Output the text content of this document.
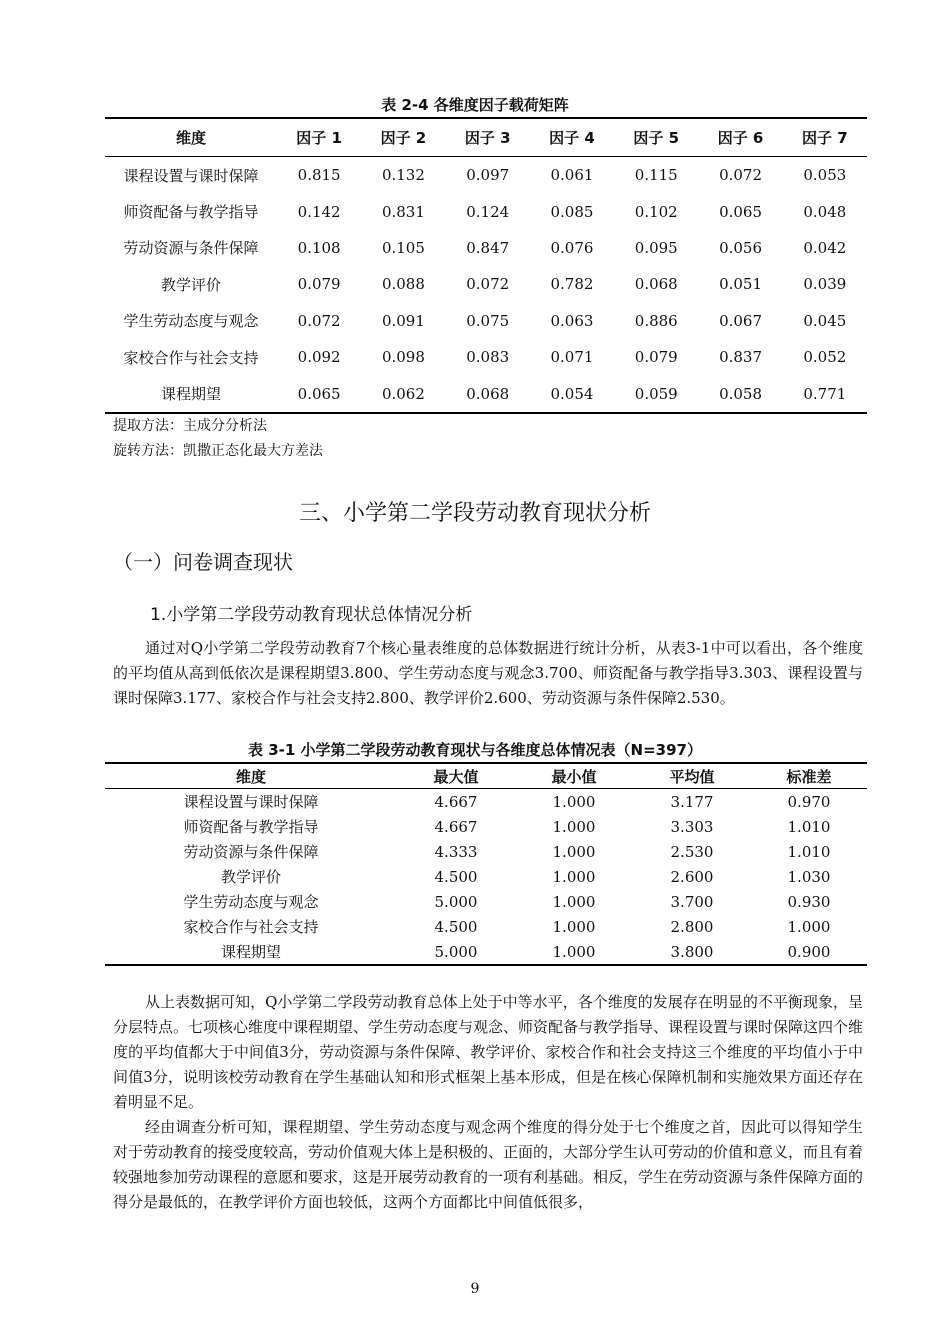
表 2-4 各维度因子载荷矩阵
维度	因子 1	因子 2	因子 3	因子 4	因子 5	因子 6	因子 7
课程设置与课时保障	0.815	0.132	0.097	0.061	0.115	0.072	0.053
师资配备与教学指导	0.142	0.831	0.124	0.085	0.102	0.065	0.048
劳动资源与条件保障	0.108	0.105	0.847	0.076	0.095	0.056	0.042
教学评价	0.079	0.088	0.072	0.782	0.068	0.051	0.039
学生劳动态度与观念	0.072	0.091	0.075	0.063	0.886	0.067	0.045
家校合作与社会支持	0.092	0.098	0.083	0.071	0.079	0.837	0.052
课程期望	0.065	0.062	0.068	0.054	0.059	0.058	0.771
提取方法：主成分分析法
旋转方法：凯撒正态化最大方差法
三、小学第二学段劳动教育现状分析
（一）问卷调查现状
1.小学第二学段劳动教育现状总体情况分析

通过对Q小学第二学段劳动教育7个核心量表维度的总体数据进行统计分析，从表3-1中可以看出，各个维度的平均值从高到低依次是课程期望3.800、学生劳动态度与观念3.700、师资配备与教学指导3.303、课程设置与课时保障3.177、家校合作与社会支持2.800、教学评价2.600、劳动资源与条件保障2.530。

表 3-1 小学第二学段劳动教育现状与各维度总体情况表（N=397）
维度	最大值	最小值	平均值	标准差
课程设置与课时保障	4.667	1.000	3.177	0.970
师资配备与教学指导	4.667	1.000	3.303	1.010
劳动资源与条件保障	4.333	1.000	2.530	1.010
教学评价	4.500	1.000	2.600	1.030
学生劳动态度与观念	5.000	1.000	3.700	0.930
家校合作与社会支持	4.500	1.000	2.800	1.000
课程期望	5.000	1.000	3.800	0.900

从上表数据可知，Q小学第二学段劳动教育总体上处于中等水平，各个维度的发展存在明显的不平衡现象，呈分层特点。七项核心维度中课程期望、学生劳动态度与观念、师资配备与教学指导、课程设置与课时保障这四个维度的平均值都大于中间值3分，劳动资源与条件保障、教学评价、家校合作和社会支持这三个维度的平均值小于中间值3分，说明该校劳动教育在学生基础认知和形式框架上基本形成，但是在核心保障机制和实施效果方面还存在着明显不足。

经由调查分析可知，课程期望、学生劳动态度与观念两个维度的得分处于七个维度之首，因此可以得知学生对于劳动教育的接受度较高，劳动价值观大体上是积极的、正面的，大部分学生认可劳动的价值和意义，而且有着较强地参加劳动课程的意愿和要求，这是开展劳动教育的一项有利基础。相反，学生在劳动资源与条件保障方面的得分是最低的，在教学评价方面也较低，这两个方面都比中间值低很多，

9
